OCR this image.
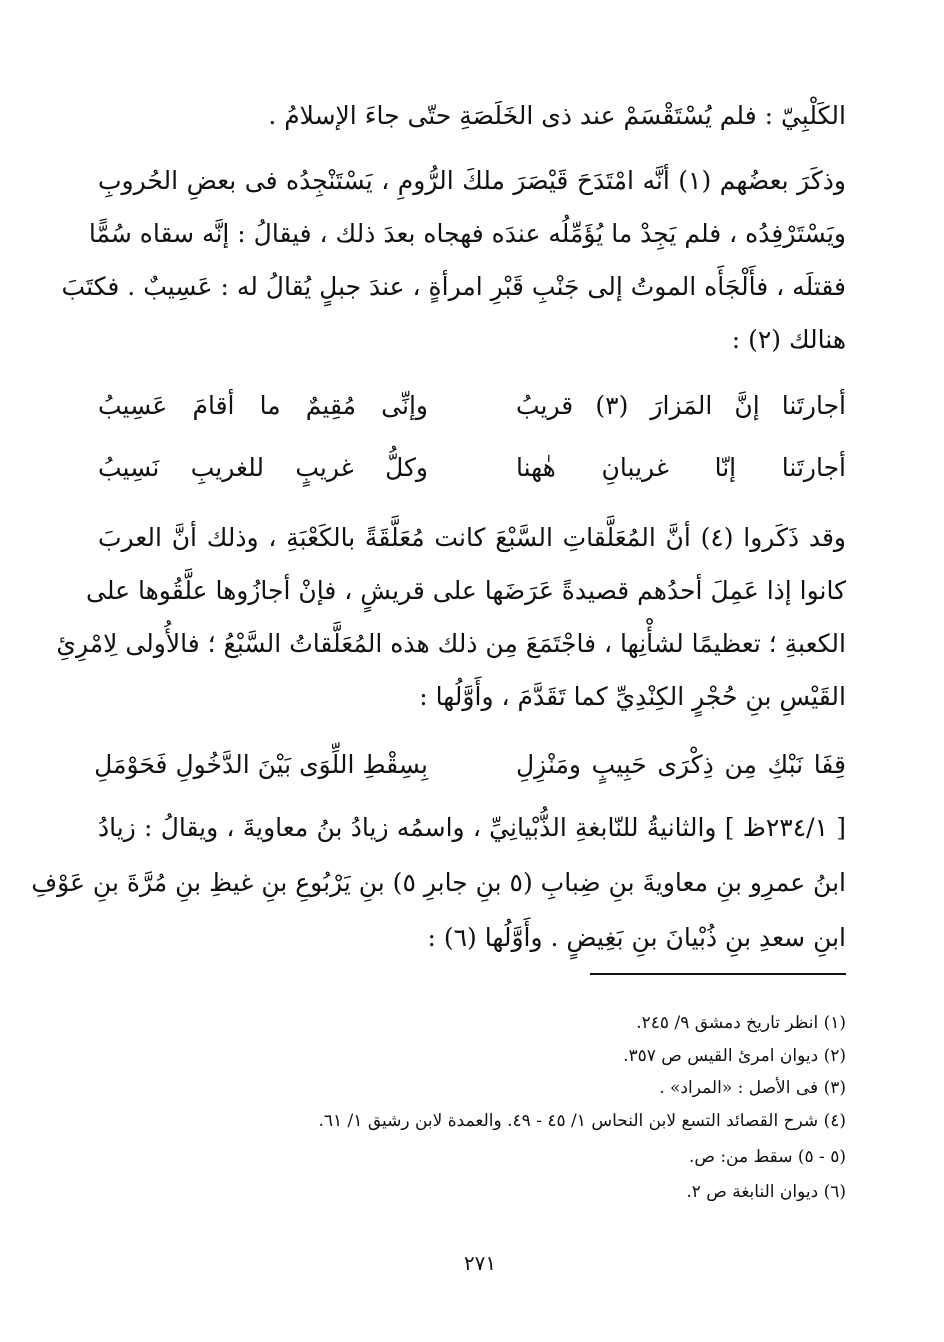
الكَلْبِيّ : فلم يُسْتَقْسَمْ عند ذى الخَلَصَةِ حتّى جاءَ الإسلامُ .
وذكَرَ بعضُهم (١) أنَّه امْتَدَحَ قَيْصَرَ ملكَ الرُّومِ ، يَسْتَنْجِدُه فى بعضِ الحُروبِ
ويَسْتَرْفِدُه ، فلم يَجِدْ ما يُؤَمِّلُه عندَه فهجاه بعدَ ذلك ، فيقالُ : إنَّه سقاه سُمًّا
فقتلَه ، فأَلْجَأَه الموتُ إلى جَنْبِ قَبْرِ امرأةٍ ، عندَ جبلٍ يُقالُ له : عَسِيبٌ . فكتَبَ
هنالك (٢) :
أجارتَنا إنَّ المَزارَ (٣) قريبُ
وإنِّى مُقِيمٌ ما أقامَ عَسِيبُ
أجارتَنا إنّا غريبانِ هٰهنا
وكلُّ غريبٍ للغريبِ نَسِيبُ
وقد ذَكَروا (٤) أنَّ المُعَلَّقاتِ السَّبْعَ كانت مُعَلَّقَةً بالكَعْبَةِ ، وذلك أنَّ العربَ
كانوا إذا عَمِلَ أحدُهم قصيدةً عَرَضَها على قريشٍ ، فإنْ أجازُوها علَّقُوها على
الكعبةِ ؛ تعظيمًا لشأْنِها ، فاجْتَمَعَ مِن ذلك هذه المُعَلَّقاتُ السَّبْعُ ؛ فالأُولى لِامْرِئِ
القَيْسِ بنِ حُجْرٍ الكِنْدِيِّ كما تَقَدَّمَ ، وأَوَّلُها :
قِفَا نَبْكِ مِن ذِكْرَى حَبِيبٍ ومَنْزِلِ
بِسِقْطِ اللِّوَى بَيْنَ الدَّخُولِ فَحَوْمَلِ
[ ٢٣٤/١ظ ] والثانيةُ للنّابغةِ الذُّبْيانِيِّ ، واسمُه زيادُ بنُ معاويةَ ، ويقالُ : زيادُ
ابنُ عمرِو بنِ معاويةَ بنِ ضِبابِ (٥ بنِ جابرِ ٥) بنِ يَرْبُوعِ بنِ غيظِ بنِ مُرَّةَ بنِ عَوْفِ
ابنِ سعدِ بنِ ذُبْيانَ بنِ بَغِيضٍ . وأَوَّلُها (٦) :
(١) انظر تاريخ دمشق ٩/ ٢٤٥.
(٢) ديوان امرئ القيس ص ٣٥٧.
(٣) فى الأصل : «المراد» .
(٤) شرح القصائد التسع لابن النحاس ١/ ٤٥ - ٤٩. والعمدة لابن رشيق ١/ ٦١.
(٥ - ٥) سقط من: ص.
(٦) ديوان النابغة ص ٢.
٢٧١
